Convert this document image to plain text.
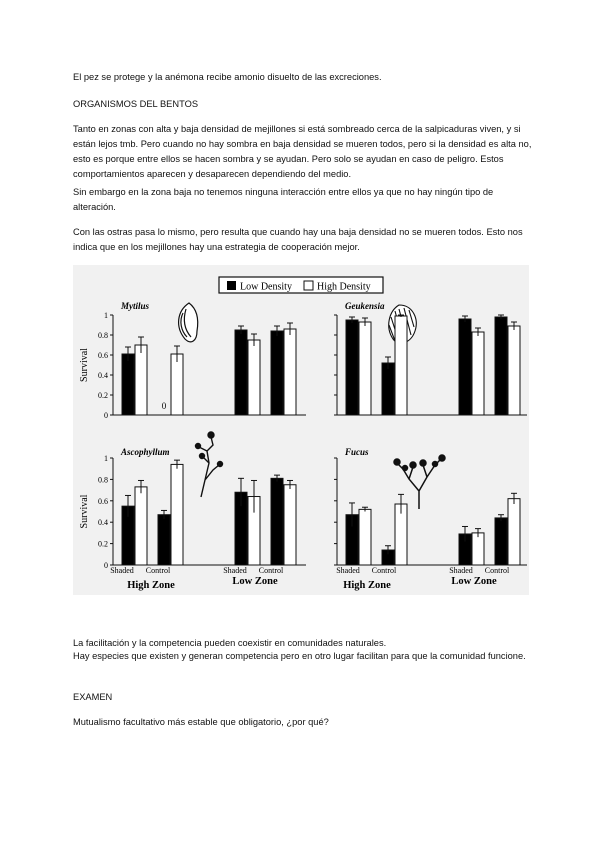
El pez se protege y la anémona recibe amonio disuelto de las excreciones.

ORGANISMOS DEL BENTOS

Tanto en zonas con alta y baja densidad de mejillones si está sombreado cerca de la salpicaduras viven, y si están lejos tmb. Pero cuando no hay sombra en baja densidad se mueren todos, pero si la densidad es alta no, esto es porque entre ellos se hacen sombra y se ayudan. Pero solo se ayudan en caso de peligro. Estos comportamientos aparecen y desaparecen dependiendo del medio.

Sin embargo en la zona baja no tenemos ninguna interacción entre ellos ya que no hay ningún tipo de alteración.

Con las ostras pasa lo mismo, pero resulta que cuando hay una baja densidad no se mueren todos. Esto nos indica que en los mejillones hay una estrategia de cooperación mejor.

Low Density	High Density
0
0.2
0.4
0.6
0.8
1
Mytilus
Survival
0
Geukensia
0
0.2
0.4
0.6
0.8
1
Ascophyllum
Survival
Fucus
Shaded Control	Shaded Control	Shaded Control	Shaded Control
High Zone	Low Zone	High Zone	Low Zone

La facilitación y la competencia pueden coexistir en comunidades naturales.

Hay especies que existen y generan competencia pero en otro lugar facilitan para que la comunidad funcione.

EXAMEN

Mutualismo facultativo más estable que obligatorio, ¿por qué?
